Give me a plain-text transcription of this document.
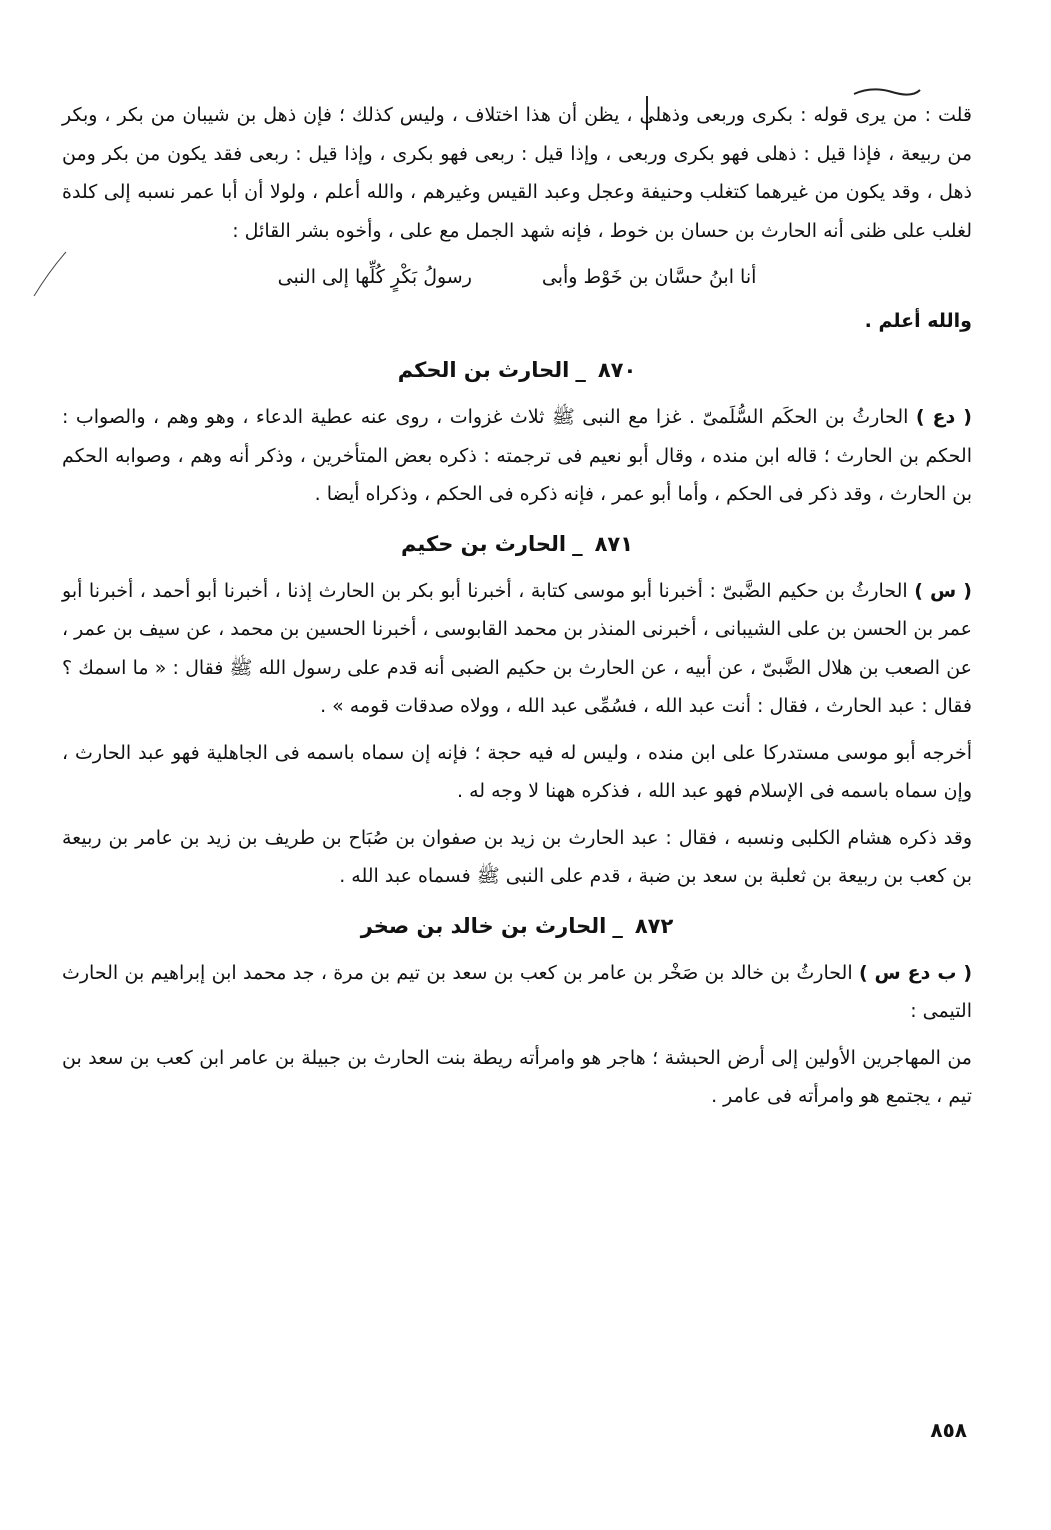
قلت : من يرى قوله : بكرى وربعى وذهلى ، يظن أن هذا اختلاف ، وليس كذلك ؛ فإن ذهل بن شيبان من بكر ، وبكر من ربيعة ، فإذا قيل : ذهلى فهو بكرى وربعى ، وإذا قيل : ربعى فهو بكرى ، وإذا قيل : ربعى فقد يكون من بكر ومن ذهل ، وقد يكون من غيرهما كتغلب وحنيفة وعجل وعبد القيس وغيرهم ، والله أعلم ، ولولا أن أبا عمر نسبه إلى كلدة لغلب على ظنى أنه الحارث بن حسان بن خوط ، فإنه شهد الجمل مع على ، وأخوه بشر القائل :

أنا ابنُ حسَّان بن خَوْط وأبى
رسولُ بَكْرٍ كُلِّها إلى النبى

والله أعلم .

٨٧٠_الحارث بن الحكم

( دع ) الحارثُ بن الحكَم السُّلَمىّ . غزا مع النبى ﷺ ثلاث غزوات ، روى عنه عطية الدعاء ، وهو وهم ، والصواب : الحكم بن الحارث ؛ قاله ابن منده ، وقال أبو نعيم فى ترجمته : ذكره بعض المتأخرين ، وذكر أنه وهم ، وصوابه الحكم بن الحارث ، وقد ذكر فى الحكم ، وأما أبو عمر ، فإنه ذكره فى الحكم ، وذكراه أيضا .

٨٧١_الحارث بن حكيم

( س ) الحارثُ بن حكيم الضَّبىّ : أخبرنا أبو موسى كتابة ، أخبرنا أبو بكر بن الحارث إذنا ، أخبرنا أبو أحمد ، أخبرنا أبو عمر بن الحسن بن على الشيبانى ، أخبرنى المنذر بن محمد القابوسى ، أخبرنا الحسين بن محمد ، عن سيف بن عمر ، عن الصعب بن هلال الضَّبىّ ، عن أبيه ، عن الحارث بن حكيم الضبى أنه قدم على رسول الله ﷺ فقال : « ما اسمك ؟ فقال : عبد الحارث ، فقال : أنت عبد الله ، فسُمِّى عبد الله ، وولاه صدقات قومه » .

أخرجه أبو موسى مستدركا على ابن منده ، وليس له فيه حجة ؛ فإنه إن سماه باسمه فى الجاهلية فهو عبد الحارث ، وإن سماه باسمه فى الإسلام فهو عبد الله ، فذكره ههنا لا وجه له .

وقد ذكره هشام الكلبى ونسبه ، فقال : عبد الحارث بن زيد بن صفوان بن صُبَاح بن طريف بن زيد بن عامر بن ربيعة بن كعب بن ربيعة بن ثعلبة بن سعد بن ضبة ، قدم على النبى ﷺ فسماه عبد الله .

٨٧٢_الحارث بن خالد بن صخر

( ب دع س ) الحارثُ بن خالد بن صَخْر بن عامر بن كعب بن سعد بن تيم بن مرة ، جد محمد ابن إبراهيم بن الحارث التيمى :

من المهاجرين الأولين إلى أرض الحبشة ؛ هاجر هو وامرأته ريطة بنت الحارث بن جبيلة بن عامر ابن كعب بن سعد بن تيم ، يجتمع هو وامرأته فى عامر .

٨٥٨
